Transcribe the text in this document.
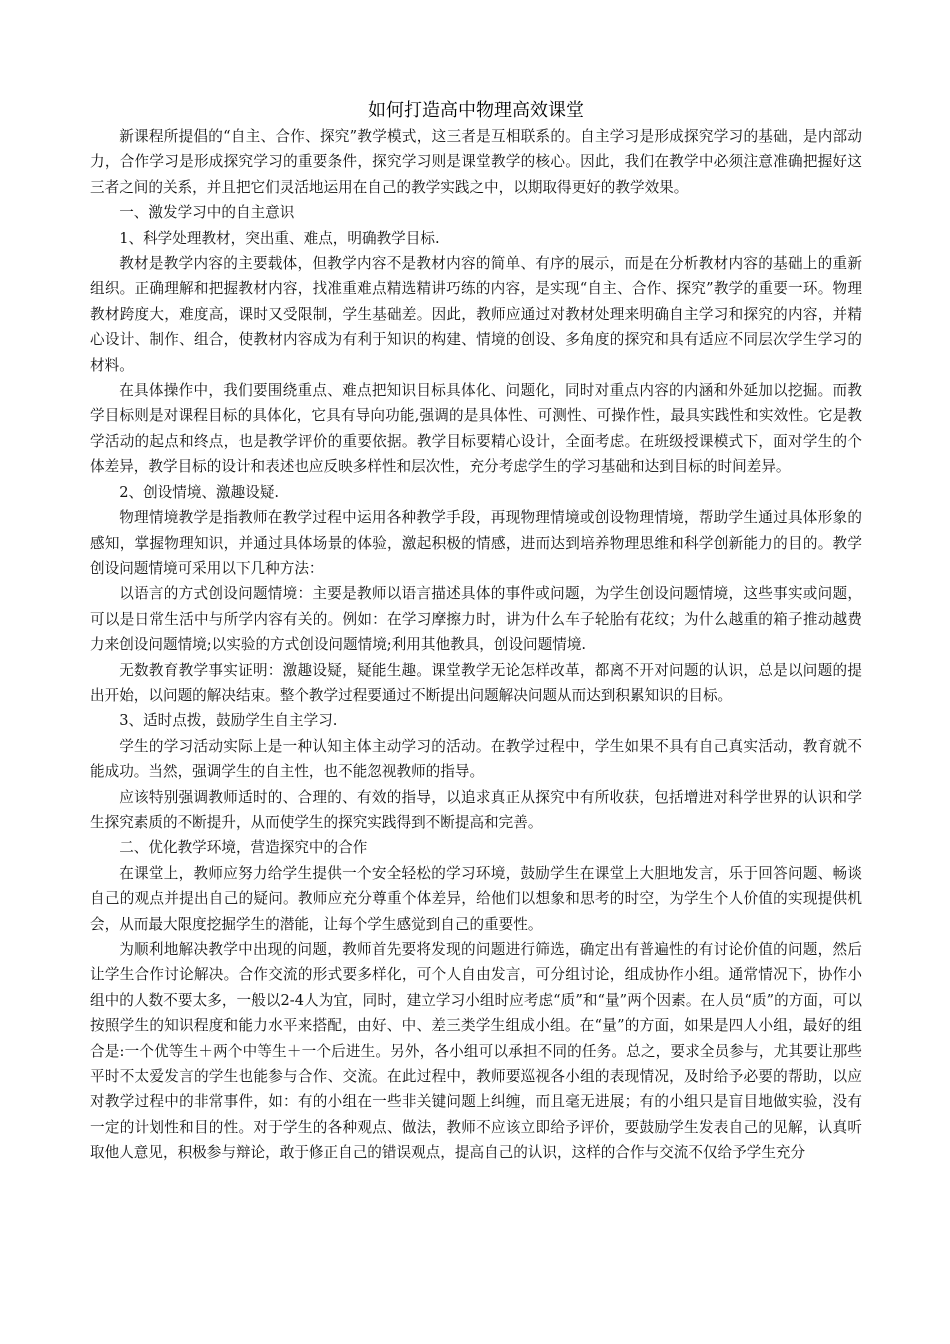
如何打造高中物理高效课堂

新课程所提倡的“自主、合作、探究”教学模式，这三者是互相联系的。自主学习是形成探究学习的基础，是内部动力，合作学习是形成探究学习的重要条件，探究学习则是课堂教学的核心。因此，我们在教学中必须注意准确把握好这三者之间的关系，并且把它们灵活地运用在自己的教学实践之中，以期取得更好的教学效果。

一、激发学习中的自主意识

1、科学处理教材，突出重、难点，明确教学目标.

教材是教学内容的主要载体，但教学内容不是教材内容的简单、有序的展示，而是在分析教材内容的基础上的重新组织。正确理解和把握教材内容，找准重难点精选精讲巧练的内容，是实现“自主、合作、探究”教学的重要一环。物理教材跨度大，难度高，课时又受限制，学生基础差。因此，教师应通过对教材处理来明确自主学习和探究的内容，并精心设计、制作、组合，使教材内容成为有利于知识的构建、情境的创设、多角度的探究和具有适应不同层次学生学习的材料。

在具体操作中，我们要围绕重点、难点把知识目标具体化、问题化，同时对重点内容的内涵和外延加以挖掘。而教学目标则是对课程目标的具体化，它具有导向功能,强调的是具体性、可测性、可操作性，最具实践性和实效性。它是教学活动的起点和终点，也是教学评价的重要依据。教学目标要精心设计，全面考虑。在班级授课模式下，面对学生的个体差异，教学目标的设计和表述也应反映多样性和层次性，充分考虑学生的学习基础和达到目标的时间差异。

2、创设情境、激趣设疑.

物理情境教学是指教师在教学过程中运用各种教学手段，再现物理情境或创设物理情境，帮助学生通过具体形象的感知，掌握物理知识，并通过具体场景的体验，激起积极的情感，进而达到培养物理思维和科学创新能力的目的。教学创设问题情境可采用以下几种方法：

以语言的方式创设问题情境：主要是教师以语言描述具体的事件或问题，为学生创设问题情境，这些事实或问题，可以是日常生活中与所学内容有关的。例如：在学习摩擦力时，讲为什么车子轮胎有花纹；为什么越重的箱子推动越费力来创设问题情境;以实验的方式创设问题情境;利用其他教具，创设问题情境.

无数教育教学事实证明：激趣设疑，疑能生趣。课堂教学无论怎样改革，都离不开对问题的认识，总是以问题的提出开始，以问题的解决结束。整个教学过程要通过不断提出问题解决问题从而达到积累知识的目标。

3、适时点拨，鼓励学生自主学习.

学生的学习活动实际上是一种认知主体主动学习的活动。在教学过程中，学生如果不具有自己真实活动，教育就不能成功。当然，强调学生的自主性，也不能忽视教师的指导。

应该特别强调教师适时的、合理的、有效的指导，以追求真正从探究中有所收获，包括增进对科学世界的认识和学生探究素质的不断提升，从而使学生的探究实践得到不断提高和完善。

二、优化教学环境，营造探究中的合作

在课堂上，教师应努力给学生提供一个安全轻松的学习环境，鼓励学生在课堂上大胆地发言，乐于回答问题、畅谈自己的观点并提出自己的疑问。教师应充分尊重个体差异，给他们以想象和思考的时空，为学生个人价值的实现提供机会，从而最大限度挖掘学生的潜能，让每个学生感觉到自己的重要性。

为顺利地解决教学中出现的问题，教师首先要将发现的问题进行筛选，确定出有普遍性的有讨论价值的问题，然后让学生合作讨论解决。合作交流的形式要多样化，可个人自由发言，可分组讨论，组成协作小组。通常情况下，协作小组中的人数不要太多，一般以2-4人为宜，同时，建立学习小组时应考虑“质”和“量”两个因素。在人员“质”的方面，可以按照学生的知识程度和能力水平来搭配，由好、中、差三类学生组成小组。在“量”的方面，如果是四人小组，最好的组合是:一个优等生＋两个中等生＋一个后进生。另外，各小组可以承担不同的任务。总之，要求全员参与，尤其要让那些平时不太爱发言的学生也能参与合作、交流。在此过程中，教师要巡视各小组的表现情况，及时给予必要的帮助，以应对教学过程中的非常事件，如：有的小组在一些非关键问题上纠缠，而且毫无进展；有的小组只是盲目地做实验，没有一定的计划性和目的性。对于学生的各种观点、做法，教师不应该立即给予评价，要鼓励学生发表自己的见解，认真听取他人意见，积极参与辩论，敢于修正自己的错误观点，提高自己的认识，这样的合作与交流不仅给予学生充分
